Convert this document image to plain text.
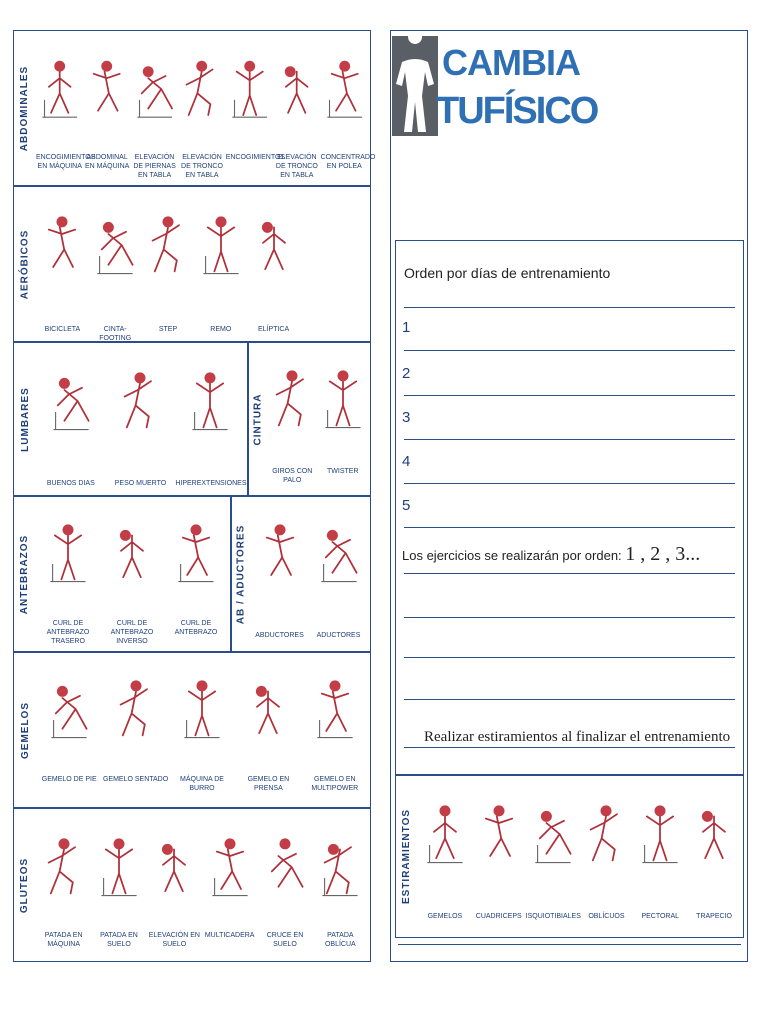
ABDOMINALES
ENCOGIMIENTOS EN MÁQUINA
ABDOMINAL EN MÁQUINA
ELEVACIÓN DE PIERNAS EN TABLA
ELEVACIÓN DE TRONCO EN TABLA
ENCOGIMIENTOS
ELEVACIÓN DE TRONCO EN TABLA
CONCENTRADO EN POLEA
AERÓBICOS
BICICLETA	CINTA-FOOTING
STEP	REMO	ELÍPTICA
LUMBARES
BUENOS DIAS	PESO MUERTO	HIPEREXTENSIONES
CINTURA
GIROS CON PALO
TWISTER
ANTEBRAZOS
CURL DE ANTEBRAZO TRASERO
CURL DE ANTEBRAZO INVERSO
CURL DE ANTEBRAZO
AB / ADUCTORES
ABDUCTORES	ADUCTORES
GEMELOS
GEMELO DE PIE GEMELO SENTADO	MÁQUINA DE BURRO
GEMELO EN PRENSA
GEMELO EN MULTIPOWER
GLUTEOS
PATADA EN MÁQUINA
PATADA EN SUELO
ELEVACIÓN EN SUELO
MULTICADERA	CRUCE EN SUELO
PATADA OBLÍCUA
CAMBIA
TUFÍSICO
Orden por días de entrenamiento
1
2
3
4
5
Los ejercicios se realizarán por orden: 1 , 2 , 3...
Realizar estiramientos al finalizar el entrenamiento
ESTIRAMIENTOS
GEMELOS	CUADRICEPS ISQUIOTIBIALES	OBLÍCUOS	PECTORAL	TRAPECIO
